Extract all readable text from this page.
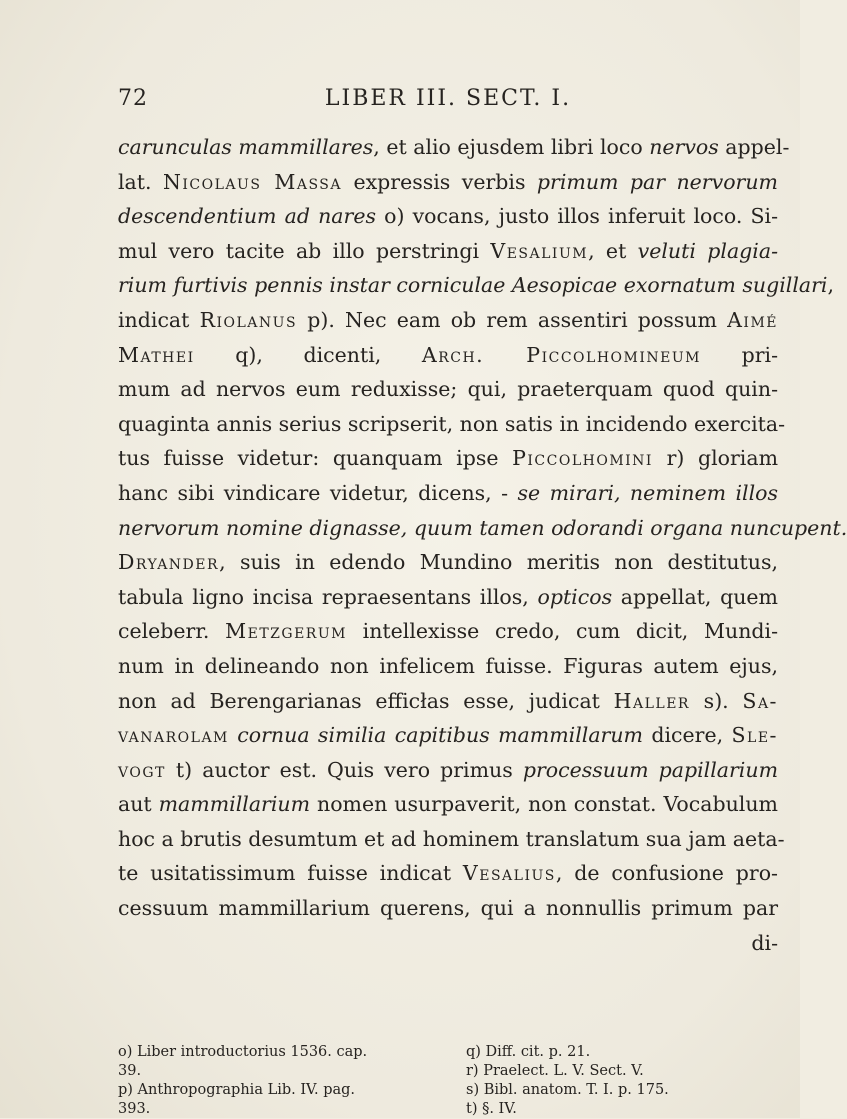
72	LIBER III. SECT. I.
carunculas mammillares, et alio ejusdem libri loco nervos appel-
lat. Nicolaus Massa expressis verbis primum par nervorum
descendentium ad nares o) vocans, justo illos inferuit loco. Si-
mul vero tacite ab illo perstringi Vesalium, et veluti plagia-
rium furtivis pennis instar corniculae Aesopicae exornatum sugillari,
indicat Riolanus p). Nec eam ob rem assentiri possum Aimé
Mathei q), dicenti, Arch. Piccolhomineum pri-
mum ad nervos eum reduxisse; qui, praeterquam quod quin-
quaginta annis serius scripserit, non satis in incidendo exercita-
tus fuisse videtur: quanquam ipse Piccolhomini r) gloriam
hanc sibi vindicare videtur, dicens, - se mirari, neminem illos
nervorum nomine dignasse, quum tamen odorandi organa nuncupent.
Dryander, suis in edendo Mundino meritis non destitutus,
tabula ligno incisa repraesentans illos, opticos appellat, quem
celeberr. Metzgerum intellexisse credo, cum dicit, Mundi-
num in delineando non infelicem fuisse. Figuras autem ejus,
non ad Berengarianas efficłas esse, judicat Haller s). Sa-
vanarolam cornua similia capitibus mammillarum dicere, Sle-
vogt t) auctor est. Quis vero primus processuum papillarium
aut mammillarium nomen usurpaverit, non constat. Vocabulum
hoc a brutis desumtum et ad hominem translatum sua jam aeta-
te usitatissimum fuisse indicat Vesalius, de confusione pro-
cessuum mammillarium querens, qui a nonnullis primum par
di-
o) Liber introductorius 1536. cap.
39.
p) Anthropographia Lib. IV. pag.
393.
q) Diff. cit. p. 21.
r) Praelect. L. V. Sect. V.
s) Bibl. anatom. T. I. p. 175.
t) §. IV.
